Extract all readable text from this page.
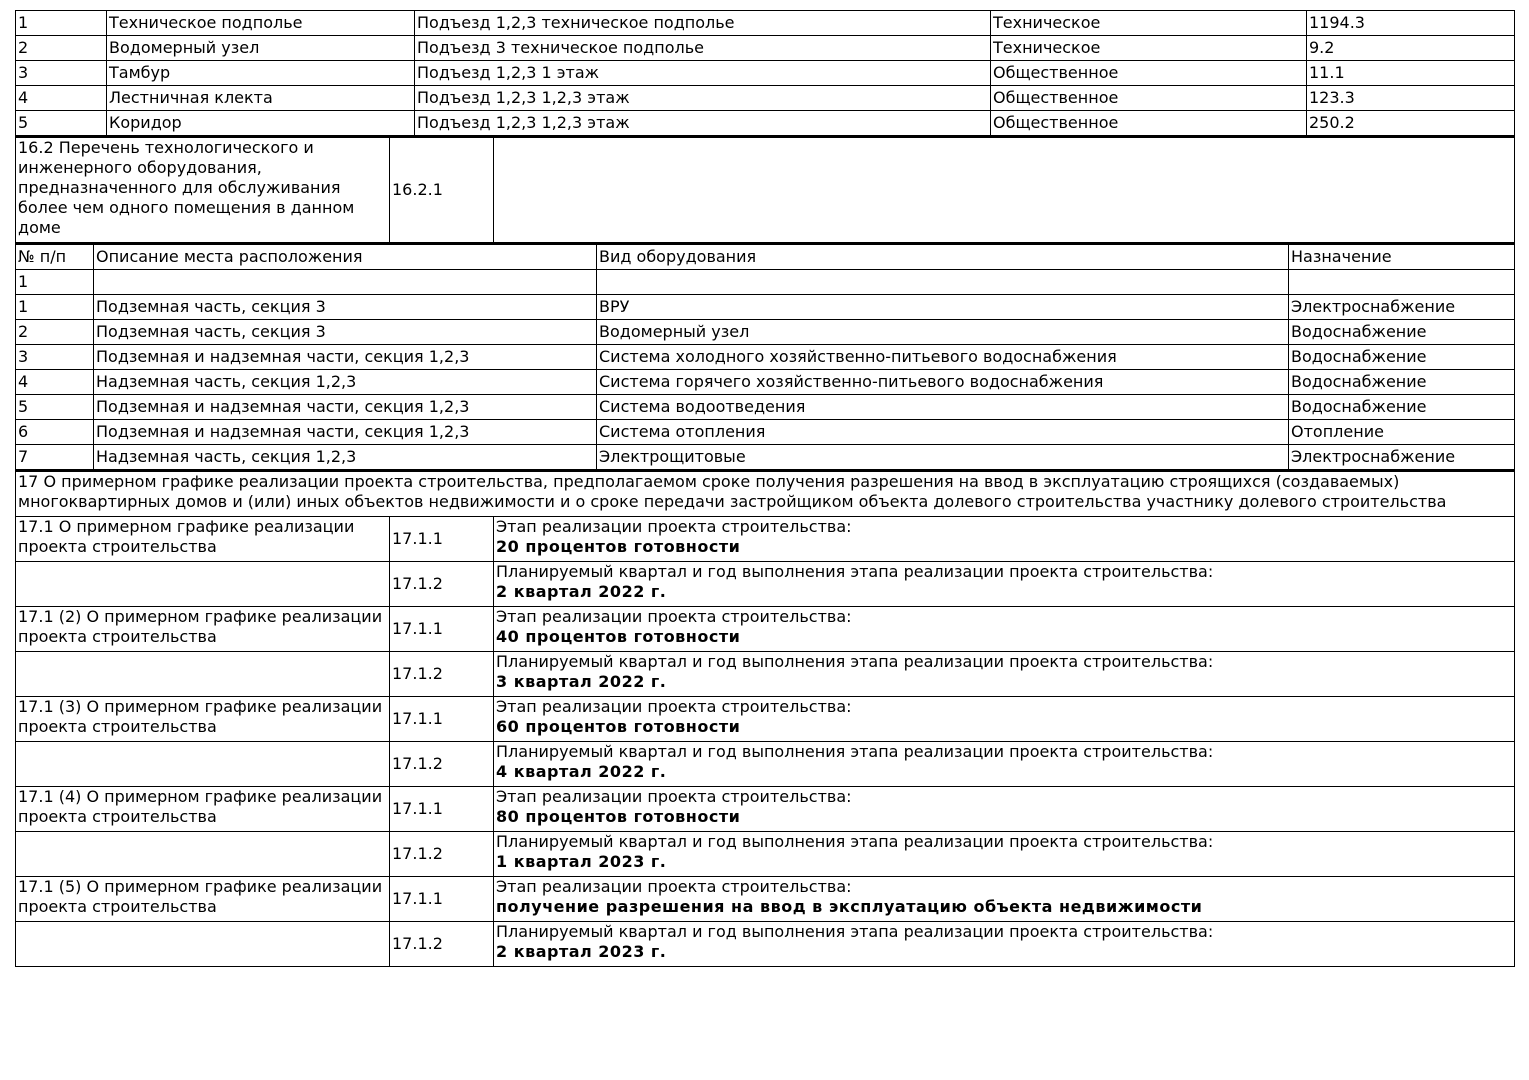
1	Техническое подполье	Подъезд 1,2,3 техническое подполье	Техническое	1194.3
2	Водомерный узел	Подъезд 3 техническое подполье	Техническое	9.2
3	Тамбур	Подъезд 1,2,3 1 этаж	Общественное	11.1
4	Лестничная клекта	Подъезд 1,2,3 1,2,3 этаж	Общественное	123.3
5	Коридор	Подъезд 1,2,3 1,2,3 этаж	Общественное	250.2
16.2 Перечень технологического и инженерного оборудования, предназначенного для обслуживания более чем одного помещения в данном доме	16.2.1	
№ п/п	Описание места расположения	Вид оборудования	Назначение
1			
1	Подземная часть, секция 3	ВРУ	Электроснабжение
2	Подземная часть, секция 3	Водомерный узел	Водоснабжение
3	Подземная и надземная части, секция 1,2,3	Система холодного хозяйственно-питьевого водоснабжения	Водоснабжение
4	Надземная часть, секция 1,2,3	Система горячего хозяйственно-питьевого водоснабжения	Водоснабжение
5	Подземная и надземная части, секция 1,2,3	Система водоотведения	Водоснабжение
6	Подземная и надземная части, секция 1,2,3	Система отопления	Отопление
7	Надземная часть, секция 1,2,3	Электрощитовые	Электроснабжение
17 О примерном графике реализации проекта строительства, предполагаемом сроке получения разрешения на ввод в эксплуатацию строящихся (создаваемых) многоквартирных домов и (или) иных объектов недвижимости и о сроке передачи застройщиком объекта долевого строительства участнику долевого строительства		
17.1 О примерном графике реализации проекта строительства	17.1.1	Этап реализации проекта строительства:
20 процентов готовности

	17.1.2	Планируемый квартал и год выполнения этапа реализации проекта строительства:
2 квартал 2022 г.

17.1 (2) О примерном графике реализации проекта строительства	17.1.1	Этап реализации проекта строительства:
40 процентов готовности

	17.1.2	Планируемый квартал и год выполнения этапа реализации проекта строительства:
3 квартал 2022 г.

17.1 (3) О примерном графике реализации проекта строительства	17.1.1	Этап реализации проекта строительства:
60 процентов готовности

	17.1.2	Планируемый квартал и год выполнения этапа реализации проекта строительства:
4 квартал 2022 г.

17.1 (4) О примерном графике реализации проекта строительства	17.1.1	Этап реализации проекта строительства:
80 процентов готовности

	17.1.2	Планируемый квартал и год выполнения этапа реализации проекта строительства:
1 квартал 2023 г.

17.1 (5) О примерном графике реализации проекта строительства	17.1.1	Этап реализации проекта строительства:
получение разрешения на ввод в эксплуатацию объекта недвижимости

	17.1.2	Планируемый квартал и год выполнения этапа реализации проекта строительства:
2 квартал 2023 г.
